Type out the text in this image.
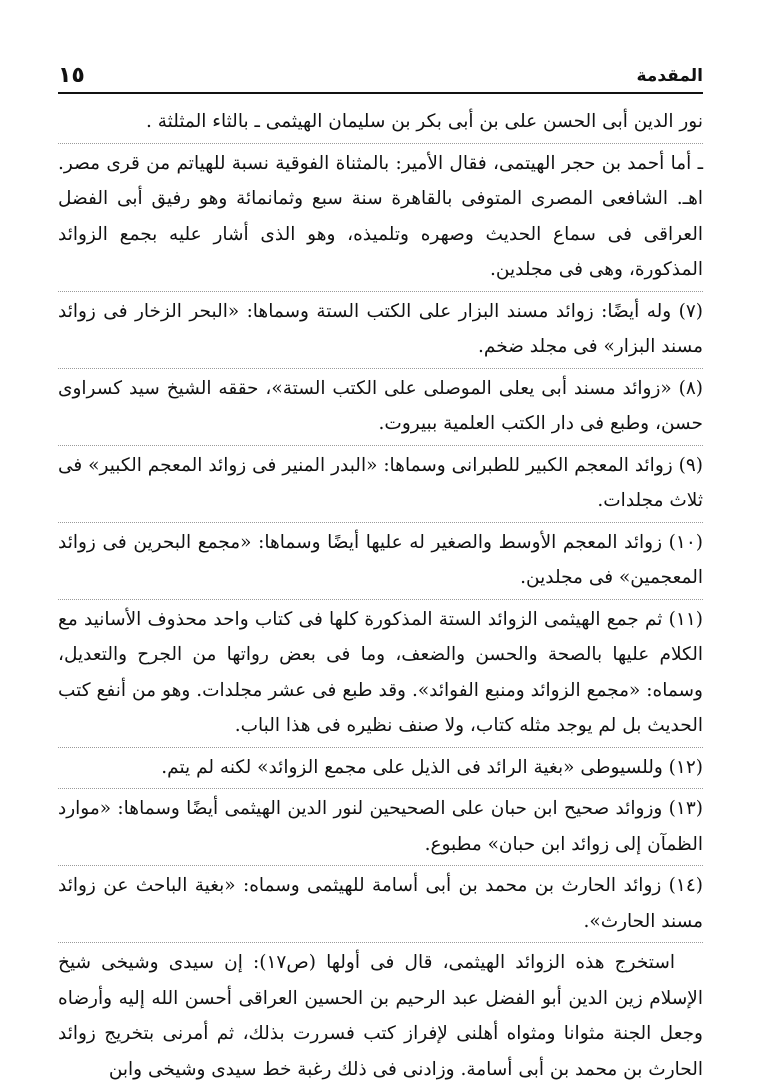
المقدمة
١٥

نور الدين أبى الحسن على بن أبى بكر بن سليمان الهيثمى ـ بالثاء المثلثة .

ـ أما أحمد بن حجر الهيتمى، فقال الأمير: بالمثناة الفوقية نسبة للهياتم من قرى مصر. اهـ. الشافعى المصرى المتوفى بالقاهرة سنة سبع وثمانمائة وهو رفيق أبى الفضل العراقى فى سماع الحديث وصهره وتلميذه، وهو الذى أشار عليه بجمع الزوائد المذكورة، وهى فى مجلدين.

(٧) وله أيضًا: زوائد مسند البزار على الكتب الستة وسماها: «البحر الزخار فى زوائد مسند البزار» فى مجلد ضخم.

(٨) «زوائد مسند أبى يعلى الموصلى على الكتب الستة»، حققه الشيخ سيد كسراوى حسن، وطبع فى دار الكتب العلمية ببيروت.

(٩) زوائد المعجم الكبير للطبرانى وسماها: «البدر المنير فى زوائد المعجم الكبير» فى ثلاث مجلدات.

(١٠) زوائد المعجم الأوسط والصغير له عليها أيضًا وسماها: «مجمع البحرين فى زوائد المعجمين» فى مجلدين.

(١١) ثم جمع الهيثمى الزوائد الستة المذكورة كلها فى كتاب واحد محذوف الأسانيد مع الكلام عليها بالصحة والحسن والضعف، وما فى بعض رواتها من الجرح والتعديل، وسماه: «مجمع الزوائد ومنبع الفوائد». وقد طبع فى عشر مجلدات. وهو من أنفع كتب الحديث بل لم يوجد مثله كتاب، ولا صنف نظيره فى هذا الباب.

(١٢) وللسيوطى «بغية الرائد فى الذيل على مجمع الزوائد» لكنه لم يتم.

(١٣) وزوائد صحيح ابن حبان على الصحيحين لنور الدين الهيثمى أيضًا وسماها: «موارد الظمآن إلى زوائد ابن حبان» مطبوع.

(١٤) زوائد الحارث بن محمد بن أبى أسامة للهيثمى وسماه: «بغية الباحث عن زوائد مسند الحارث».

استخرج هذه الزوائد الهيثمى، قال فى أولها (ص١٧): إن سيدى وشيخى شيخ الإسلام زين الدين أبو الفضل عبد الرحيم بن الحسين العراقى أحسن الله إليه وأرضاه وجعل الجنة مثوانا ومثواه أهلنى لإفراز كتب فسررت بذلك، ثم أمرنى بتخريج زوائد الحارث بن محمد بن أبى أسامة. وزادنى فى ذلك رغبة خط سيدى وشيخى وابن
